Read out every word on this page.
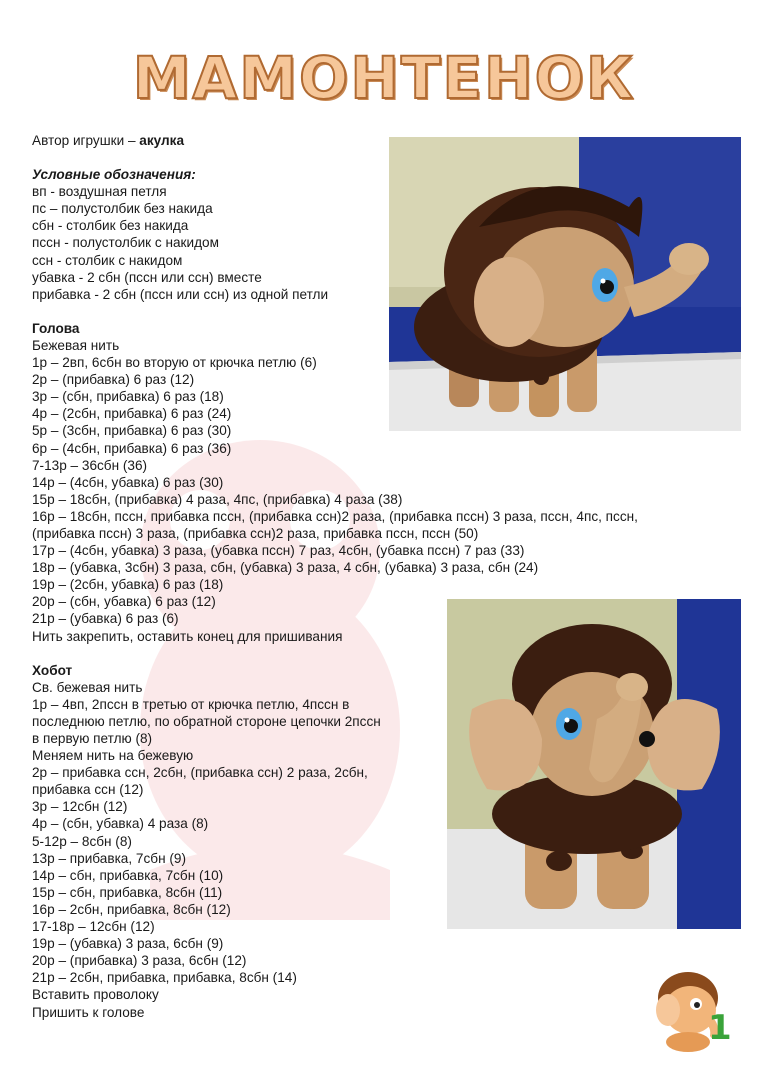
МАМОНТЕНОК
Автор игрушки – акулка
Условные обозначения:
вп - воздушная петля
пс – полустолбик без накида
сбн - столбик без накида
пссн - полустолбик с накидом
ссн - столбик с накидом
убавка - 2 сбн (пссн или ссн) вместе
прибавка - 2 сбн (пссн или ссн) из одной петли
Голова
Бежевая нить
1р – 2вп, 6сбн во вторую от крючка петлю (6)
2р – (прибавка) 6 раз (12)
3р – (сбн, прибавка) 6 раз (18)
4р – (2сбн, прибавка) 6 раз (24)
5р – (3сбн, прибавка) 6 раз (30)
6р – (4сбн, прибавка) 6 раз (36)
7-13р – 36сбн (36)
14р – (4сбн, убавка) 6 раз (30)
15р – 18сбн, (прибавка) 4 раза, 4пс, (прибавка) 4 раза (38)
16р – 18сбн, пссн, прибавка пссн, (прибавка ссн)2 раза, (прибавка пссн) 3 раза, пссн, 4пс, пссн,
(прибавка пссн) 3 раза, (прибавка ссн)2 раза, прибавка пссн, пссн (50)
17р – (4сбн, убавка) 3 раза, (убавка пссн) 7 раз, 4сбн, (убавка пссн) 7 раз (33)
18р – (убавка, 3сбн) 3 раза, сбн, (убавка) 3 раза, 4 сбн, (убавка) 3 раза, сбн (24)
19р – (2сбн, убавка) 6 раз (18)
20р – (сбн, убавка) 6 раз (12)
21р – (убавка) 6 раз (6)
Нить закрепить, оставить конец для пришивания
Хобот
Св. бежевая нить
1р – 4вп, 2пссн в третью от крючка петлю, 4пссн в
последнюю петлю, по обратной стороне цепочки 2пссн
в первую петлю (8)
Меняем нить на бежевую
2р – прибавка ссн, 2сбн, (прибавка ссн) 2 раза, 2сбн,
прибавка ссн (12)
3р – 12сбн (12)
4р – (сбн, убавка) 4 раза (8)
5-12р – 8сбн (8)
13р – прибавка, 7сбн (9)
14р – сбн, прибавка, 7сбн (10)
15р – сбн, прибавка, 8сбн (11)
16р – 2сбн, прибавка, 8сбн (12)
17-18р – 12сбн (12)
19р – (убавка) 3 раза, 6сбн (9)
20р – (прибавка) 3 раза, 6сбн (12)
21р – 2сбн, прибавка, прибавка, 8сбн (14)
Вставить проволоку
Пришить к голове	1
